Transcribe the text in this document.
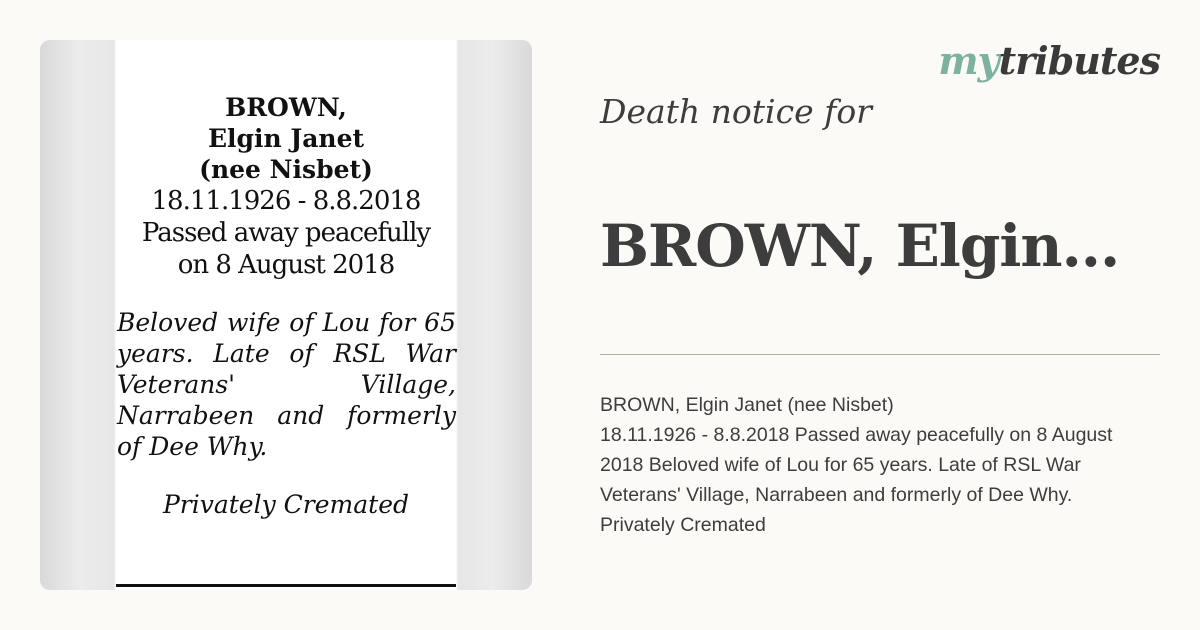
BROWN,
Elgin Janet
(nee Nisbet)
18.11.1926 - 8.8.2018
Passed away peacefully
on 8 August 2018
Beloved wife of Lou for 65 years. Late of RSL War Veterans' Village, Narrabeen and formerly of Dee Why.
Privately Cremated
mytributes
Death notice for
BROWN, Elgin...
BROWN, Elgin Janet (nee Nisbet)
18.11.1926 - 8.8.2018 Passed away peacefully on 8 August 2018 Beloved wife of Lou for 65 years. Late of RSL War Veterans' Village, Narrabeen and formerly of Dee Why. Privately Cremated
